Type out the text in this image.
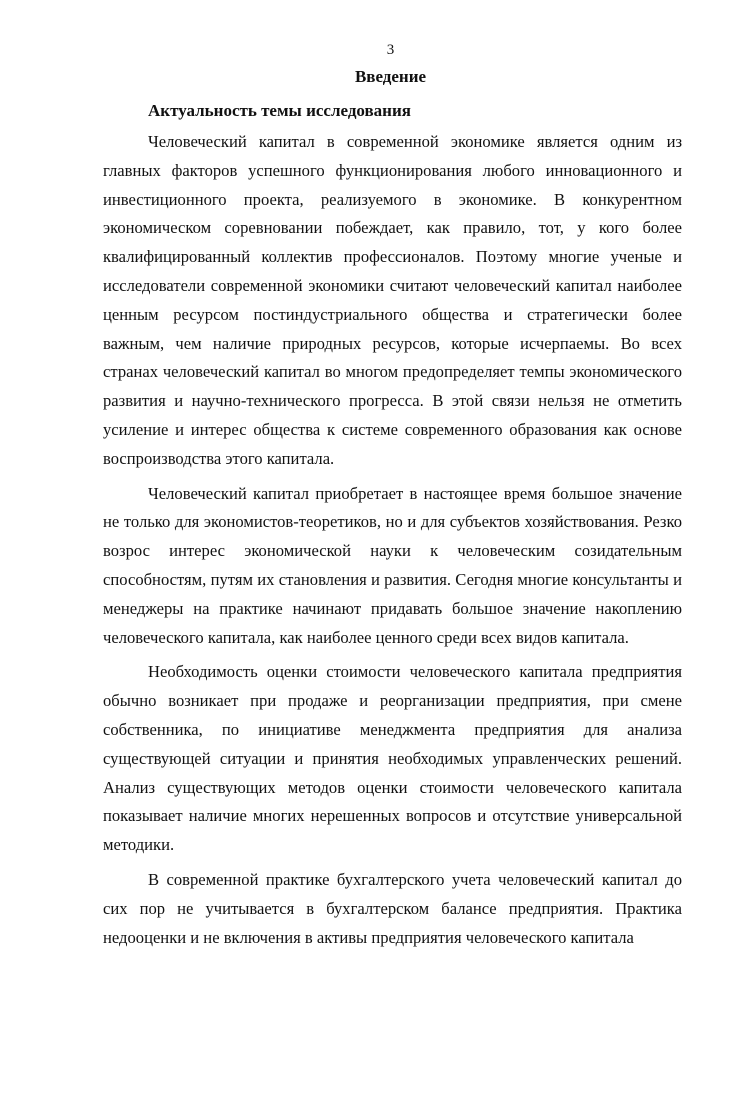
3
Введение
Актуальность темы исследования

Человеческий капитал в современной экономике является одним из главных факторов успешного функционирования любого инновационного и инвестиционного проекта, реализуемого в экономике. В конкурентном экономическом соревновании побеждает, как правило, тот, у кого более квалифицированный коллектив профессионалов. Поэтому многие ученые и исследователи современной экономики считают человеческий капитал наиболее ценным ресурсом постиндустриального общества и стратегически более важным, чем наличие природных ресурсов, которые исчерпаемы. Во всех странах человеческий капитал во многом предопределяет темпы экономического развития и научно-технического прогресса. В этой связи нельзя не отметить усиление и интерес общества к системе современного образования как основе воспроизводства этого капитала.

Человеческий капитал приобретает в настоящее время большое значение не только для экономистов-теоретиков, но и для субъектов хозяйствования. Резко возрос интерес экономической науки к человеческим созидательным способностям, путям их становления и развития. Сегодня многие консультанты и менеджеры на практике начинают придавать большое значение накоплению человеческого капитала, как наиболее ценного среди всех видов капитала.

Необходимость оценки стоимости человеческого капитала предприятия обычно возникает при продаже и реорганизации предприятия, при смене собственника, по инициативе менеджмента предприятия для анализа существующей ситуации и принятия необходимых управленческих решений. Анализ существующих методов оценки стоимости человеческого капитала показывает наличие многих нерешенных вопросов и отсутствие универсальной методики.

В современной практике бухгалтерского учета человеческий капитал до сих пор не учитывается в бухгалтерском балансе предприятия. Практика недооценки и не включения в активы предприятия человеческого капитала
